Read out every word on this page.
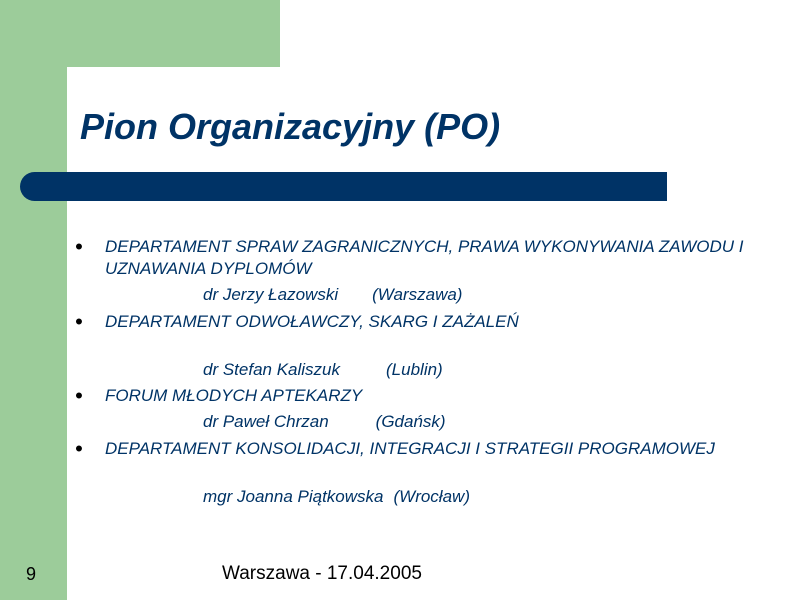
Pion Organizacyjny (PO)
• DEPARTAMENT SPRAW ZAGRANICZNYCH, PRAWA WYKONYWANIA ZAWODU I UZNAWANIA DYPLOMÓW
dr Jerzy Łazowski (Warszawa)
• DEPARTAMENT ODWOŁAWCZY, SKARG I ZAŻALEŃ
dr Stefan Kaliszuk	(Lublin)
• FORUM MŁODYCH APTEKARZY
dr Paweł Chrzan	(Gdańsk)
• DEPARTAMENT KONSOLIDACJI, INTEGRACJI I STRATEGII PROGRAMOWEJ
mgr Joanna Piątkowska (Wrocław)
9	Warszawa - 17.04.2005
